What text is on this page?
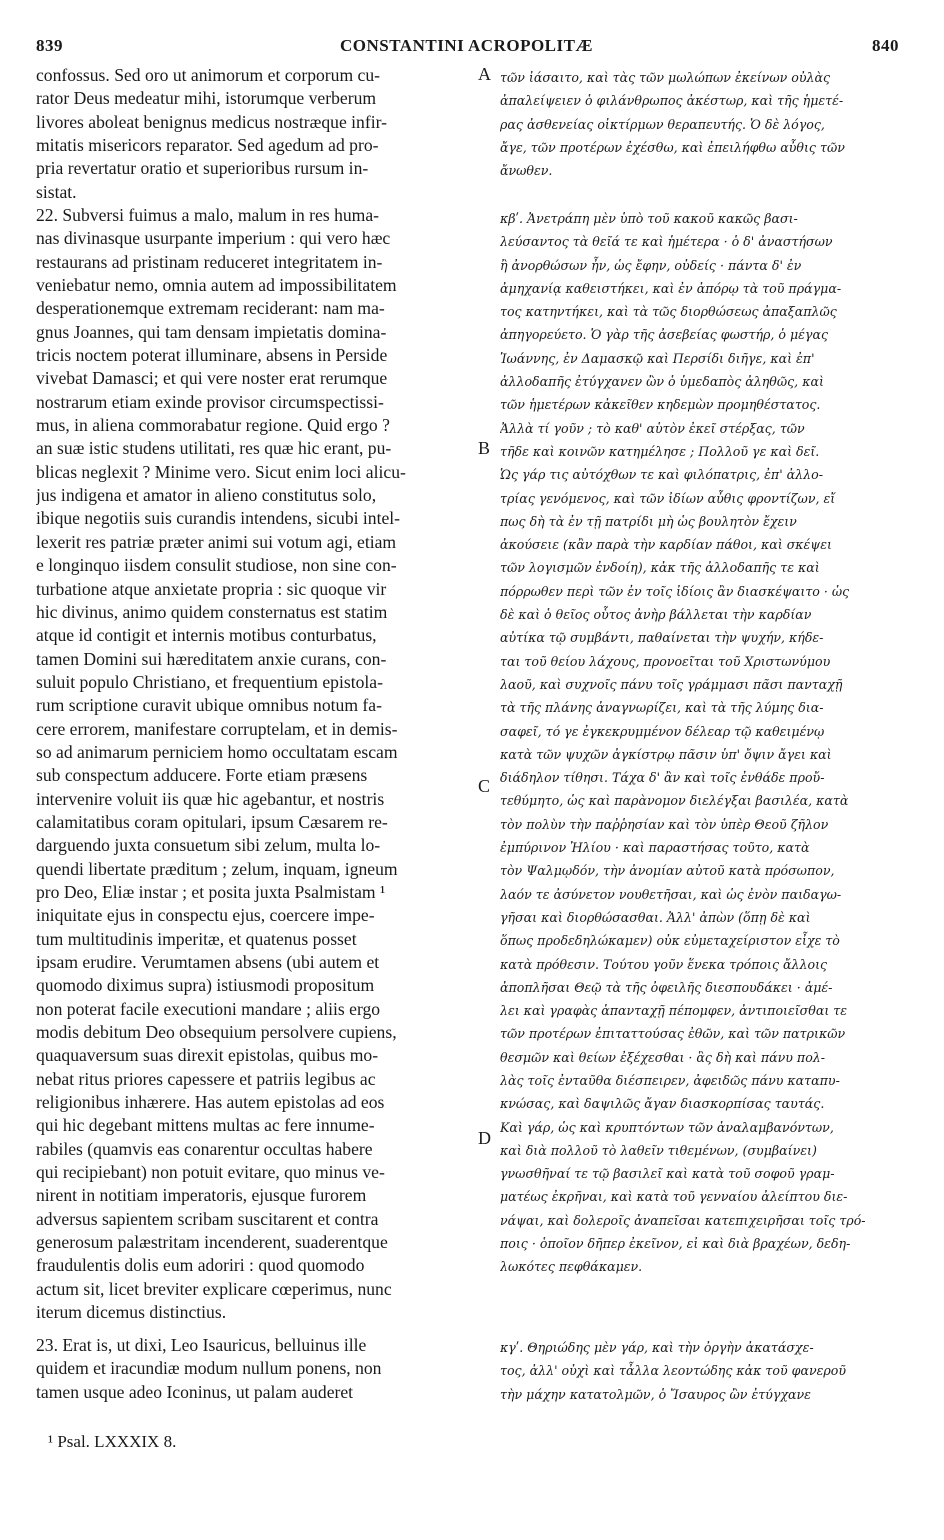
839	CONSTANTINI ACROPOLITÆ	840
confossus. Sed oro ut animorum et corporum cu-
rator Deus medeatur mihi, istorumque verberum
livores aboleat benignus medicus nostræque infir-
mitatis misericors reparator. Sed agedum ad pro-
pria revertatur oratio et superioribus rursum in-
sistat.
22. Subversi fuimus a malo, malum in res huma-
nas divinasque usurpante imperium : qui vero hæc
restaurans ad pristinam reduceret integritatem in-
veniebatur nemo, omnia autem ad impossibilitatem
desperationemque extremam reciderant: nam ma-
gnus Joannes, qui tam densam impietatis domina-
tricis noctem poterat illuminare, absens in Perside
vivebat Damasci; et qui vere noster erat rerumque
nostrarum etiam exinde provisor circumspectissi-
mus, in aliena commorabatur regione. Quid ergo ?
an suæ istic studens utilitati, res quæ hic erant, pu-
blicas neglexit ? Minime vero. Sicut enim loci alicu-
jus indigena et amator in alieno constitutus solo,
ibique negotiis suis curandis intendens, sicubi intel-
lexerit res patriæ præter animi sui votum agi, etiam
e longinquo iisdem consulit studiose, non sine con-
turbatione atque anxietate propria : sic quoque vir
hic divinus, animo quidem consternatus est statim
atque id contigit et internis motibus conturbatus,
tamen Domini sui hæreditatem anxie curans, con-
suluit populo Christiano, et frequentium epistola-
rum scriptione curavit ubique omnibus notum fa-
cere errorem, manifestare corruptelam, et in demis-
so ad animarum perniciem homo occultatam escam
sub conspectum adducere. Forte etiam præsens
intervenire voluit iis quæ hic agebantur, et nostris
calamitatibus coram opitulari, ipsum Cæsarem re-
darguendo juxta consuetum sibi zelum, multa lo-
quendi libertate præditum ; zelum, inquam, igneum
pro Deo, Eliæ instar ; et posita juxta Psalmistam ¹
iniquitate ejus in conspectu ejus, coercere impe-
tum multitudinis imperitæ, et quatenus posset
ipsam erudire. Verumtamen absens (ubi autem et
quomodo diximus supra) istiusmodi propositum
non poterat facile executioni mandare ; aliis ergo
modis debitum Deo obsequium persolvere cupiens,
quaquaversum suas direxit epistolas, quibus mo-
nebat ritus priores capessere et patriis legibus ac
religionibus inhærere. Has autem epistolas ad eos
qui hic degebant mittens multas ac fere innume-
rabiles (quamvis eas conarentur occultas habere
qui recipiebant) non potuit evitare, quo minus ve-
nirent in notitiam imperatoris, ejusque furorem
adversus sapientem scribam suscitarent et contra
generosum palæstritam incenderent, suaderentque
fraudulentis dolis eum adoriri : quod quomodo
actum sit, licet breviter explicare cœperimus, nunc
iterum dicemus distinctius.
23. Erat is, ut dixi, Leo Isauricus, belluinus ille
quidem et iracundiæ modum nullum ponens, non
tamen usque adeo Iconinus, ut palam auderet
τῶν ἰάσαιτο, καὶ τὰς τῶν μωλώπων ἐκείνων οὐλὰς
ἀπαλείψειεν ὁ φιλάνθρωπος ἀκέστωρ, καὶ τῆς ἡμετέ-
ρας ἀσθενείας οἰκτίρμων θεραπευτής. Ὁ δὲ λόγος,
ἄγε, τῶν προτέρων ἐχέσθω, καὶ ἐπειλήφθω αὖθις τῶν
ἄνωθεν.
κβʹ. Ἀνετράπη μὲν ὑπὸ τοῦ κακοῦ κακῶς βασι-
λεύσαντος τὰ θεῖά τε καὶ ἡμέτερα · ὁ δ' ἀναστήσων
ἢ ἀνορθώσων ἦν, ὡς ἔφην, οὐδείς · πάντα δ' ἐν
ἀμηχανίᾳ καθειστήκει, καὶ ἐν ἀπόρῳ τὰ τοῦ πράγμα-
τος κατηντήκει, καὶ τὰ τῶς διορθώσεως ἀπαξαπλῶς
ἀπηγορεύετο. Ὁ γὰρ τῆς ἀσεβείας φωστήρ, ὁ μέγας
Ἰωάννης, ἐν Δαμασκῷ καὶ Περσίδι διῆγε, καὶ ἐπ'
ἀλλοδαπῆς ἐτύγχανεν ὢν ὁ ὑμεδαπὸς ἀληθῶς, καὶ
τῶν ἡμετέρων κἀκεῖθεν κηδεμὼν προμηθέστατος.
Ἀλλὰ τί γοῦν ; τὸ καθ' αὑτὸν ἐκεῖ στέρξας, τῶν
τῆδε καὶ κοινῶν κατημέλησε ; Πολλοῦ γε καὶ δεῖ.
Ὡς γάρ τις αὐτόχθων τε καὶ φιλόπατρις, ἐπ' ἀλλο-
τρίας γενόμενος, καὶ τῶν ἰδίων αὖθις φροντίζων, εἴ
πως δὴ τὰ ἐν τῇ πατρίδι μὴ ὡς βουλητὸν ἔχειν
ἀκούσειε (κἂν παρὰ τὴν καρδίαν πάθοι, καὶ σκέψει
τῶν λογισμῶν ἐνδοίη), κἀκ τῆς ἀλλοδαπῆς τε καὶ
πόρρωθεν περὶ τῶν ἐν τοῖς ἰδίοις ἂν διασκέψαιτο · ὡς
δὲ καὶ ὁ θεῖος οὗτος ἀνὴρ βάλλεται τὴν καρδίαν
αὐτίκα τῷ συμβάντι, παθαίνεται τὴν ψυχήν, κήδε-
ται τοῦ θείου λάχους, προνοεῖται τοῦ Χριστωνύμου
λαοῦ, καὶ συχνοῖς πάνυ τοῖς γράμμασι πᾶσι πανταχῇ
τὰ τῆς πλάνης ἀναγνωρίζει, καὶ τὰ τῆς λύμης δια-
σαφεῖ, τό γε ἐγκεκρυμμένον δέλεαρ τῷ καθειμένῳ
κατὰ τῶν ψυχῶν ἀγκίστρῳ πᾶσιν ὑπ' ὄψιν ἄγει καὶ
διάδηλον τίθησι. Τάχα δ' ἂν καὶ τοῖς ἐνθάδε προὔ-
τεθύμητο, ὡς καὶ παρὰνομον διελέγξαι βασιλέα, κατὰ
τὸν πολὺν τὴν παῤῥησίαν καὶ τὸν ὑπὲρ Θεοῦ ζῆλον
ἐμπύρινον Ἠλίου · καὶ παραστήσας τοῦτο, κατὰ
τὸν Ψαλμῳδόν, τὴν ἀνομίαν αὐτοῦ κατὰ πρόσωπον,
λαόν τε ἀσύνετον νουθετῆσαι, καὶ ὡς ἐνὸν παιδαγω-
γῆσαι καὶ διορθώσασθαι. Ἀλλ' ἀπὼν (ὅπῃ δὲ καὶ
ὅπως προδεδηλώκαμεν) οὐκ εὐμεταχείριστον εἶχε τὸ
κατὰ πρόθεσιν. Τούτου γοῦν ἕνεκα τρόποις ἄλλοις
ἀποπλῆσαι Θεῷ τὰ τῆς ὀφειλῆς διεσπουδάκει · ἀμέ-
λει καὶ γραφὰς ἁπανταχῇ πέπομφεν, ἀντιποιεῖσθαι τε
τῶν προτέρων ἐπιταττούσας ἐθῶν, καὶ τῶν πατρικῶν
θεσμῶν καὶ θείων ἐξέχεσθαι · ἃς δὴ καὶ πάνυ πολ-
λὰς τοῖς ἐνταῦθα διέσπειρεν, ἀφειδῶς πάνυ καταπυ-
κνώσας, καὶ δαψιλῶς ἄγαν διασκορπίσας ταυτάς.
Καὶ γάρ, ὡς καὶ κρυπτόντων τῶν ἀναλαμβανόντων,
καὶ διὰ πολλοῦ τὸ λαθεῖν τιθεμένων, (συμβαίνει)
γνωσθῆναί τε τῷ βασιλεῖ καὶ κατὰ τοῦ σοφοῦ γραμ-
ματέως ἐκρῆναι, καὶ κατὰ τοῦ γενναίου ἀλείπτου διε-
νάψαι, καὶ δολεροῖς ἀναπεῖσαι κατεπιχειρῆσαι τοῖς τρό-
ποις · ὁποῖον δῆπερ ἐκεῖνον, εἰ καὶ διὰ βραχέων, δεδη-
λωκότες πεφθάκαμεν.
κγʹ. Θηριώδης μὲν γάρ, καὶ τὴν ὀργὴν ἀκατάσχε-
τος, ἀλλ' οὐχὶ καὶ τἆλλα λεοντώδης κἀκ τοῦ φανεροῦ
τὴν μάχην κατατολμῶν, ὁ Ἴσαυρος ὢν ἐτύγχανε
A
B
C
D
¹ Psal. LXXXIX 8.
